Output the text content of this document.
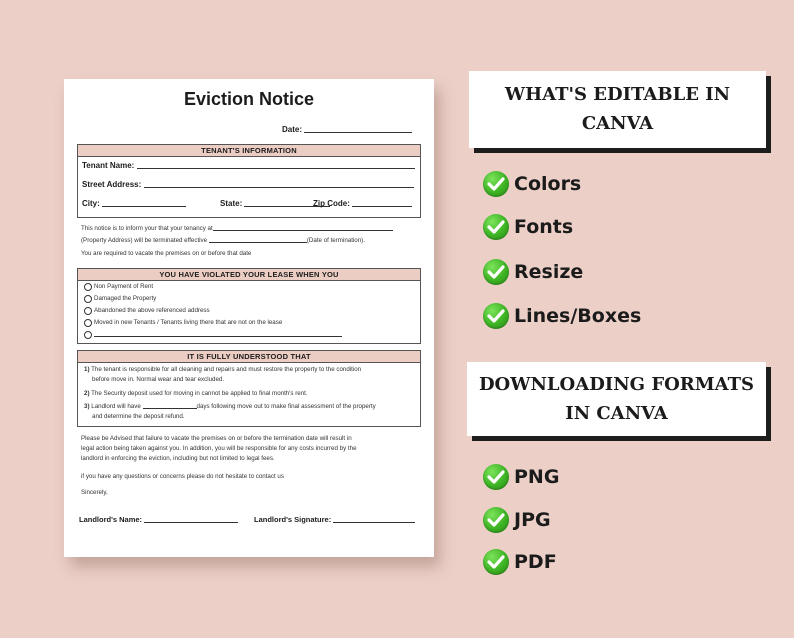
Eviction Notice
Date:
TENANT'S INFORMATION
Tenant Name:
Street Address:
City:	State:	Zip Code:
This notice is to inform your that your tenancy at
(Property Address) will be terminated effective	(Date of termination).
You are required to vacate the premises on or before that date
YOU HAVE VIOLATED YOUR LEASE WHEN YOU
Non Payment of Rent
Damaged the Property
Abandoned the above referenced address
Moved in new Tenants / Tenants living there that are not on the lease
IT IS FULLY UNDERSTOOD THAT
1) The tenant is responsible for all cleaning and repairs and must restore the property to the condition
before move in. Normal wear and tear excluded.
2) The Security deposit used for moving in cannot be applied to final month's rent.
3) Landlord will have	days following move out to make final assessment of the property
and determine the deposit refund.
Please be Advised that failure to vacate the premises on or before the termination date will result in
legal action being taken against you. In addition, you will be responsible for any costs incurred by the
landlord in enforcing the eviction, including but not limited to legal fees.
if you have any questions or concerns please do not hesitate to contact us
Sincerely,
Landlord's Name:	Landlord's Signature:
WHAT'S EDITABLE IN
CANVA
Colors
Fonts
Resize
Lines/Boxes
DOWNLOADING FORMATS
IN CANVA
PNG
JPG
PDF
